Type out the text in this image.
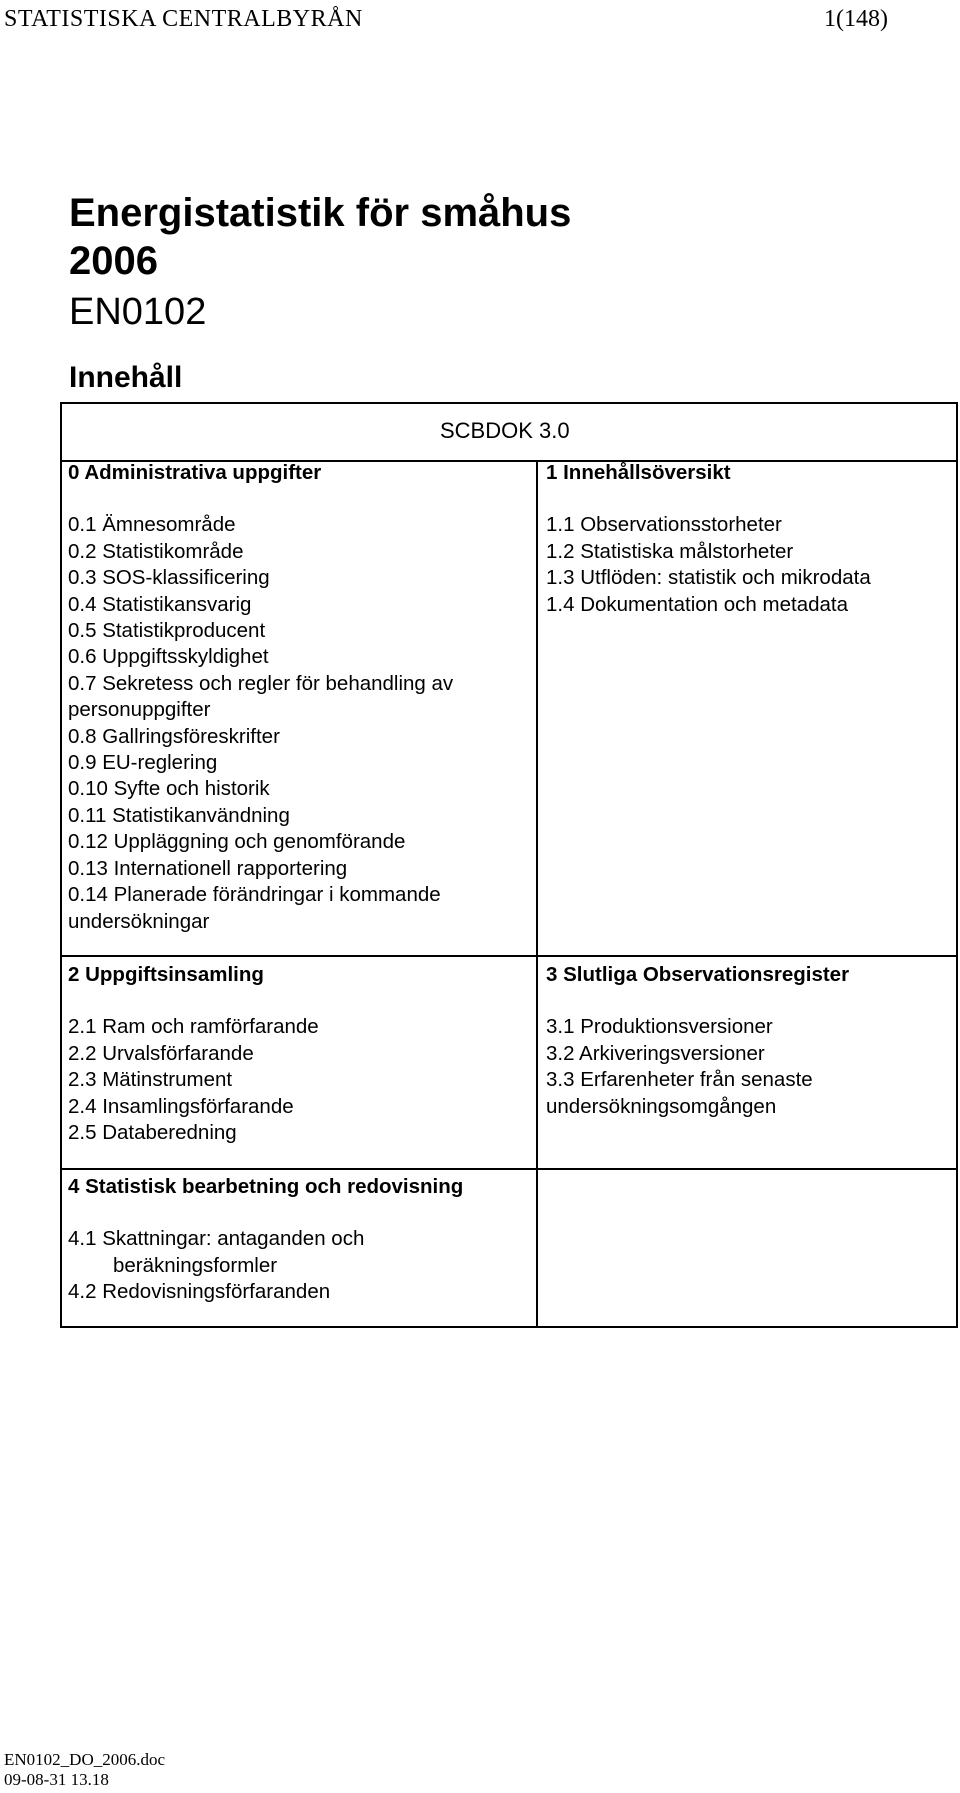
STATISTISKA CENTRALBYRÅN	1(148)
Energistatistik för småhus
2006
EN0102
Innehåll
SCBDOK 3.0
0 Administrativa uppgifter
0.1 Ämnesområde
0.2 Statistikområde
0.3 SOS-klassificering
0.4 Statistikansvarig
0.5 Statistikproducent
0.6 Uppgiftsskyldighet
0.7 Sekretess och regler för behandling av personuppgifter
0.8 Gallringsföreskrifter
0.9 EU-reglering
0.10 Syfte och historik
0.11 Statistikanvändning
0.12 Uppläggning och genomförande
0.13 Internationell rapportering
0.14 Planerade förändringar i kommande undersökningar
1 Innehållsöversikt
1.1 Observationsstorheter
1.2 Statistiska målstorheter
1.3 Utflöden: statistik och mikrodata
1.4 Dokumentation och metadata
2 Uppgiftsinsamling
2.1 Ram och ramförfarande
2.2 Urvalsförfarande
2.3 Mätinstrument
2.4 Insamlingsförfarande
2.5 Databeredning
3 Slutliga Observationsregister
3.1 Produktionsversioner
3.2 Arkiveringsversioner
3.3 Erfarenheter från senaste undersökningsomgången
4 Statistisk bearbetning och redovisning
4.1 Skattningar: antaganden och
beräkningsformler
4.2 Redovisningsförfaranden
EN0102_DO_2006.doc
09-08-31 13.18
